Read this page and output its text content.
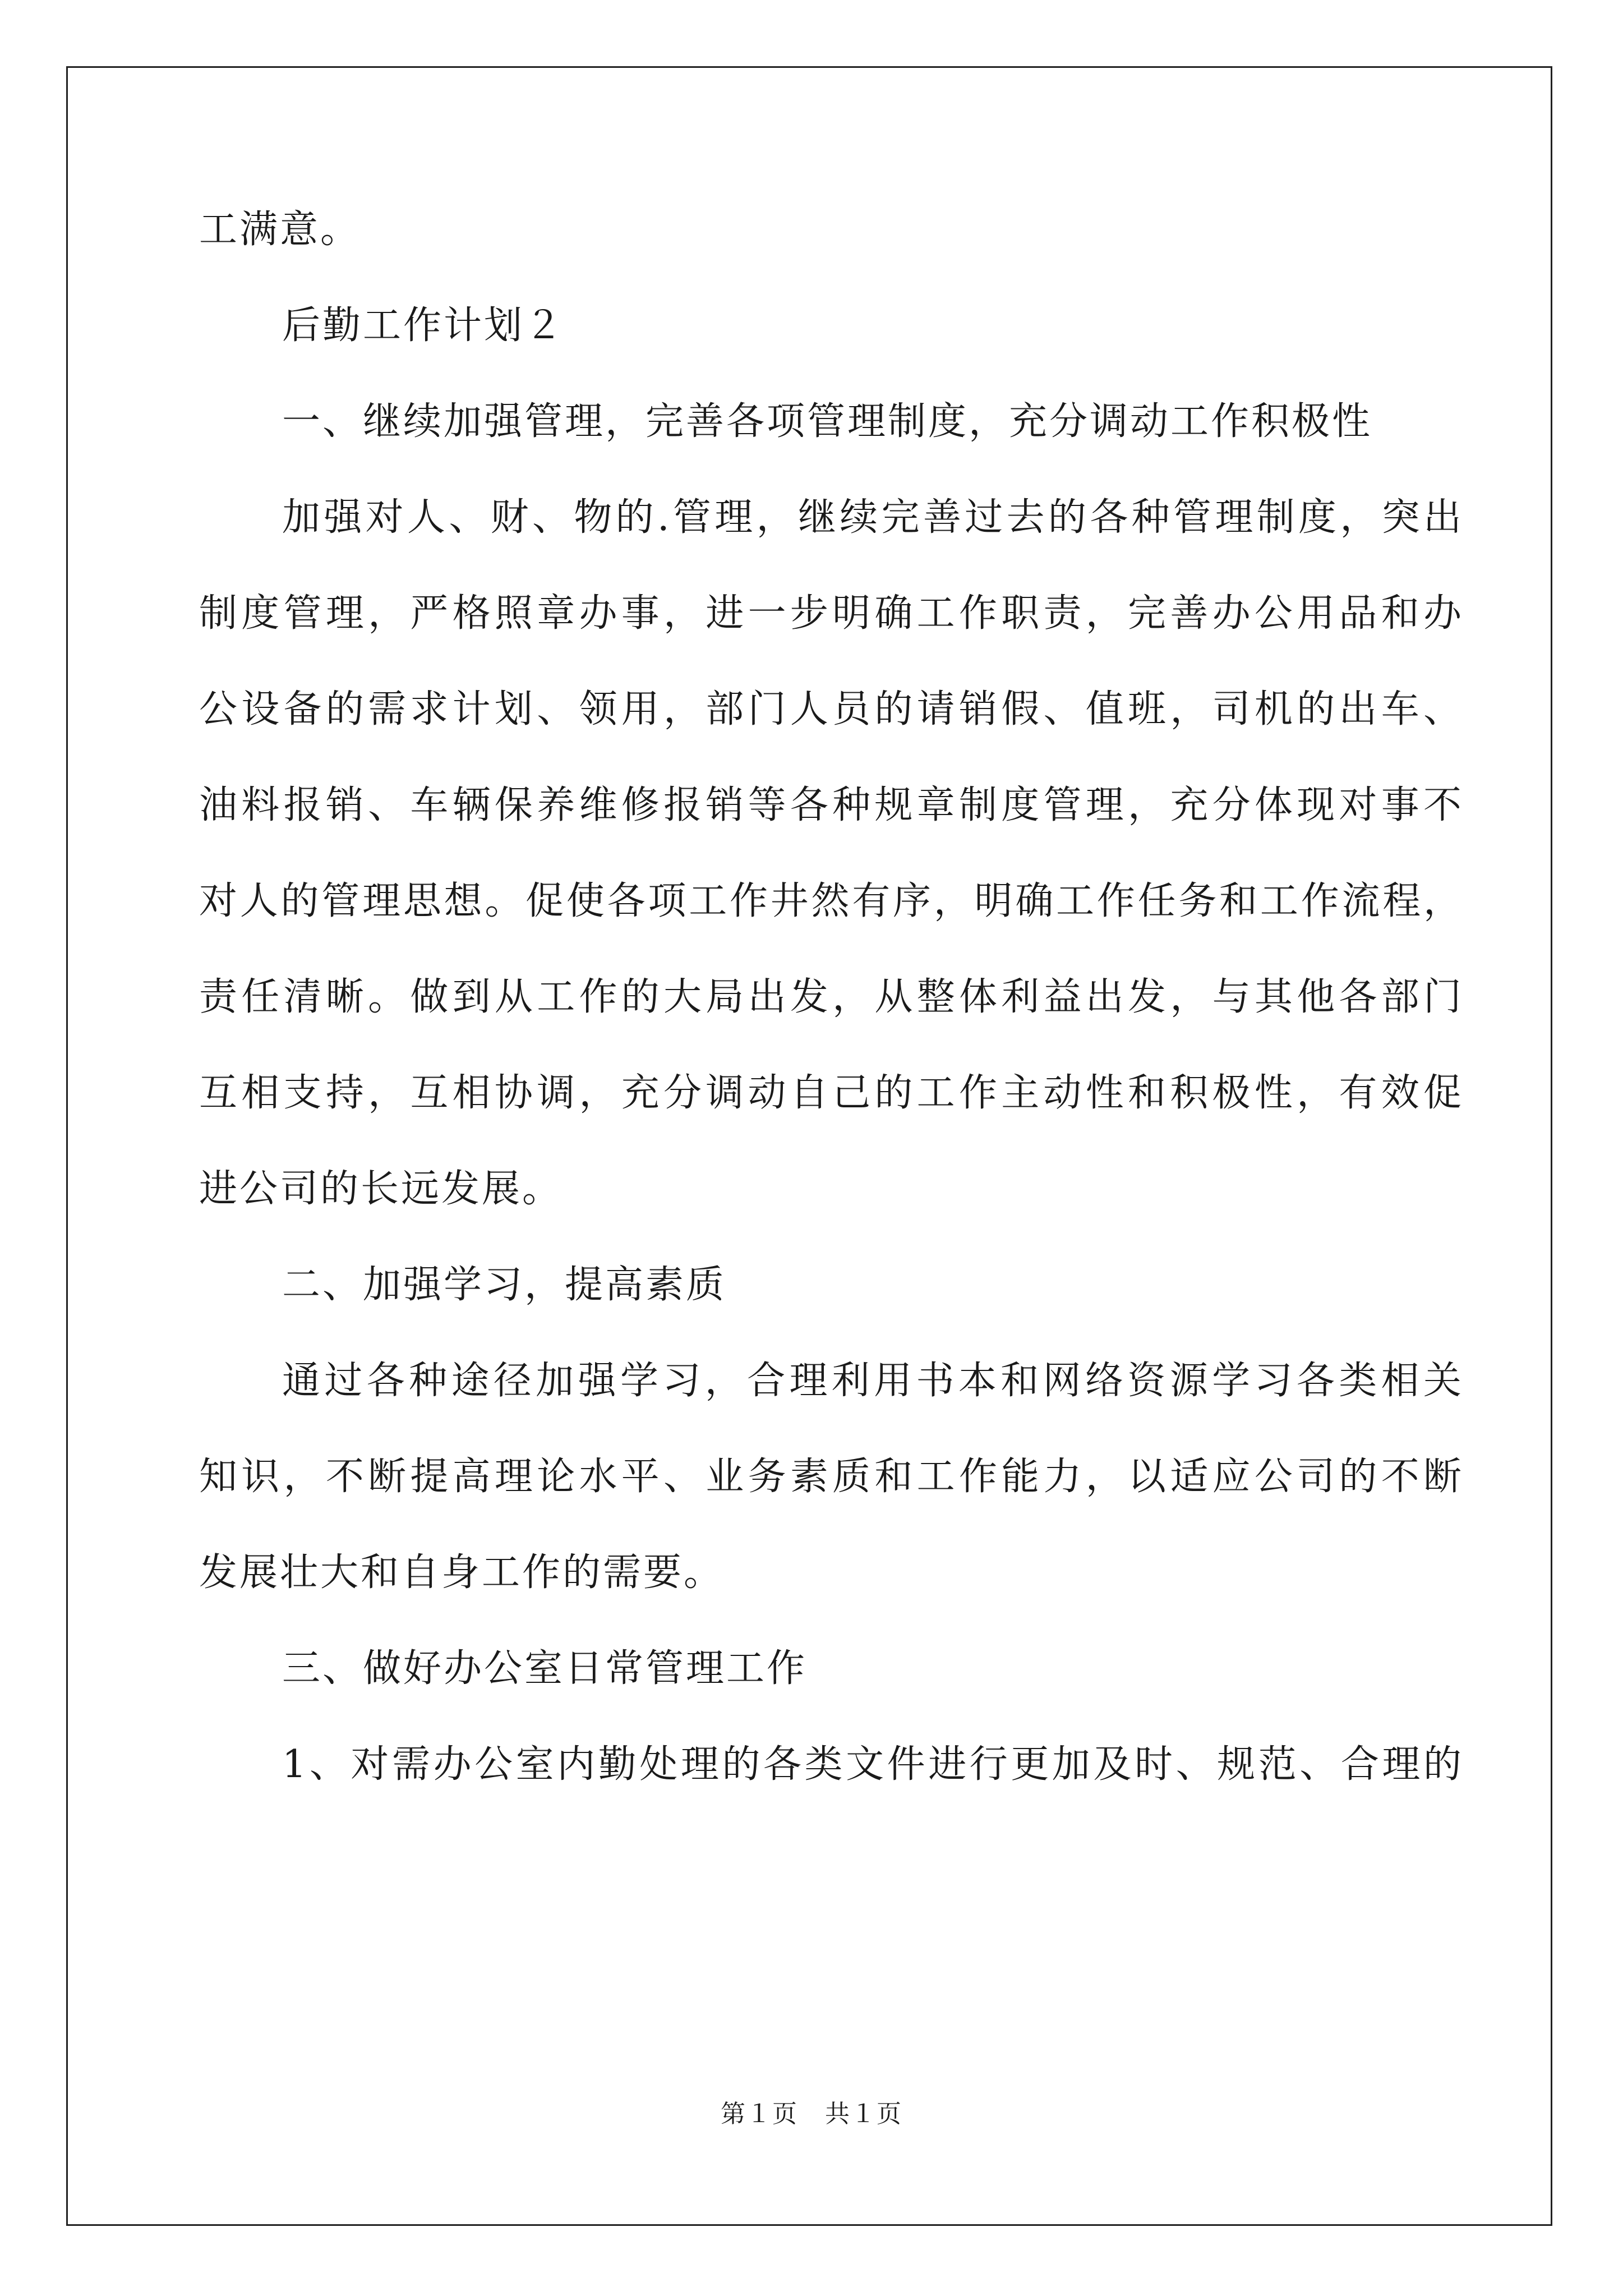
工满意。
后勤工作计划２
一、继续加强管理，完善各项管理制度，充分调动工作积极性
加强对人、财、物的.管理，继续完善过去的各种管理制度，突出
制度管理，严格照章办事，进一步明确工作职责，完善办公用品和办
公设备的需求计划、领用，部门人员的请销假、值班，司机的出车、
油料报销、车辆保养维修报销等各种规章制度管理，充分体现对事不
对人的管理思想。促使各项工作井然有序，明确工作任务和工作流程，
责任清晰。做到从工作的大局出发，从整体利益出发，与其他各部门
互相支持，互相协调，充分调动自己的工作主动性和积极性，有效促
进公司的长远发展。
二、加强学习，提高素质
通过各种途径加强学习，合理利用书本和网络资源学习各类相关
知识，不断提高理论水平、业务素质和工作能力，以适应公司的不断
发展壮大和自身工作的需要。
三、做好办公室日常管理工作
1、对需办公室内勤处理的各类文件进行更加及时、规范、合理的
第１页 共１页
